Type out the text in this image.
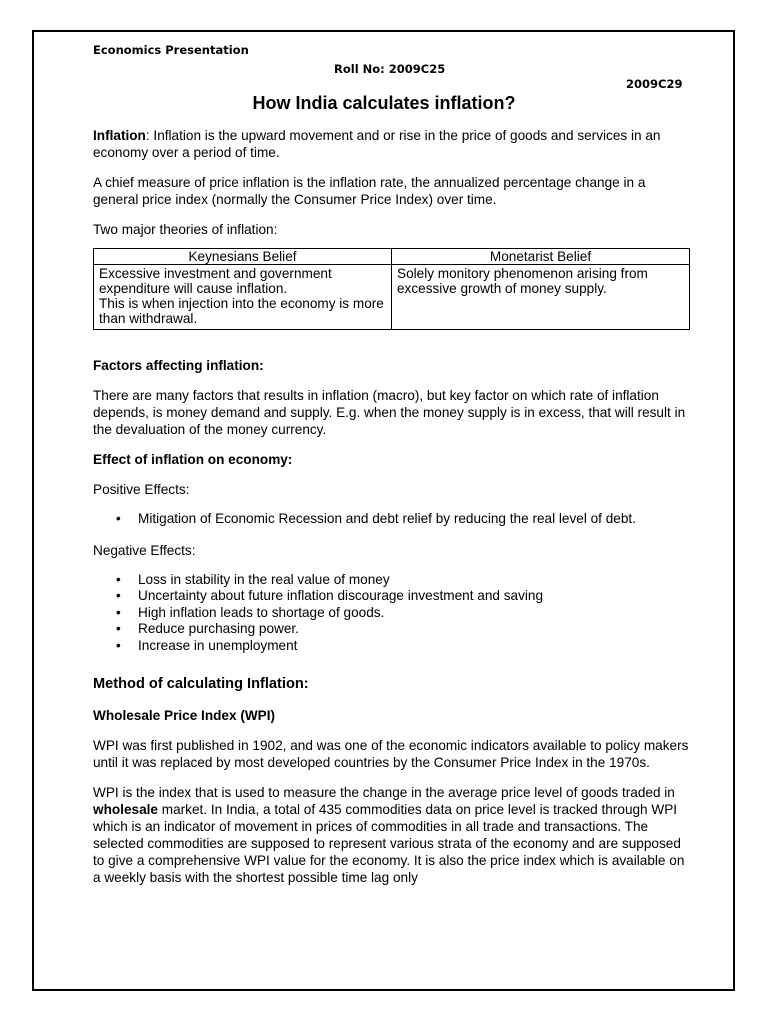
Economics Presentation
Roll No: 2009C25
2009C29
How India calculates inflation?

Inflation: Inflation is the upward movement and or rise in the price of goods and services in an economy over a period of time.

A chief measure of price inflation is the inflation rate, the annualized percentage change in a general price index (normally the Consumer Price Index) over time.

Two major theories of inflation:

Keynesians Belief	Monetarist Belief

Excessive investment and government expenditure will cause inflation.
This is when injection into the economy is more than withdrawal.	Solely monitory phenomenon arising from excessive growth of money supply.
Factors affecting inflation:

There are many factors that results in inflation (macro), but key factor on which rate of inflation depends, is money demand and supply. E.g. when the money supply is in excess, that will result in the devaluation of the money currency.

Effect of inflation on economy:

Positive Effects:

• Mitigation of Economic Recession and debt relief by reducing the real level of debt.

Negative Effects:

• Loss in stability in the real value of money
• Uncertainty about future inflation discourage investment and saving
• High inflation leads to shortage of goods.
• Reduce purchasing power.
• Increase in unemployment
Method of calculating Inflation:
Wholesale Price Index (WPI)

WPI was first published in 1902, and was one of the economic indicators available to policy makers until it was replaced by most developed countries by the Consumer Price Index in the 1970s.

WPI is the index that is used to measure the change in the average price level of goods traded in wholesale market. In India, a total of 435 commodities data on price level is tracked through WPI which is an indicator of movement in prices of commodities in all trade and transactions. The selected commodities are supposed to represent various strata of the economy and are supposed to give a comprehensive WPI value for the economy. It is also the price index which is available on a weekly basis with the shortest possible time lag only
